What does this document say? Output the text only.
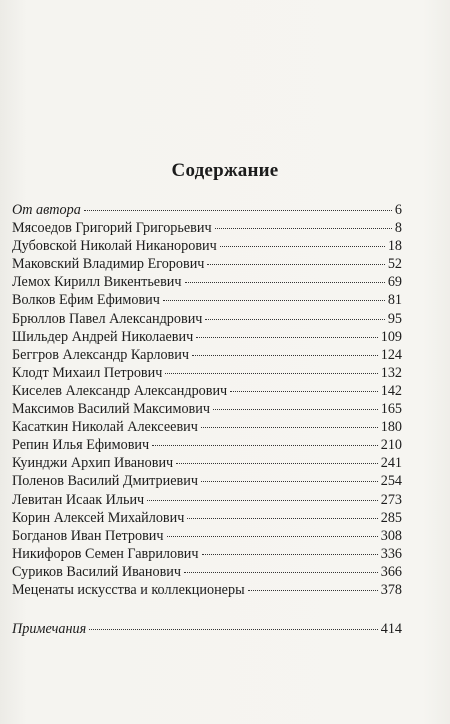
Содержание
От автора	6
Мясоедов Григорий Григорьевич	8
Дубовской Николай Никанорович	18
Маковский Владимир Егорович	52
Лемох Кирилл Викентьевич	69
Волков Ефим Ефимович	81
Брюллов Павел Александрович	95
Шильдер Андрей Николаевич	109
Беггров Александр Карлович	124
Клодт Михаил Петрович	132
Киселев Александр Александрович	142
Максимов Василий Максимович	165
Касаткин Николай Алексеевич	180
Репин Илья Ефимович	210
Куинджи Архип Иванович	241
Поленов Василий Дмитриевич	254
Левитан Исаак Ильич	273
Корин Алексей Михайлович	285
Богданов Иван Петрович	308
Никифоров Семен Гаврилович	336
Суриков Василий Иванович	366
Меценаты искусства и коллекционеры	378
Примечания	414
